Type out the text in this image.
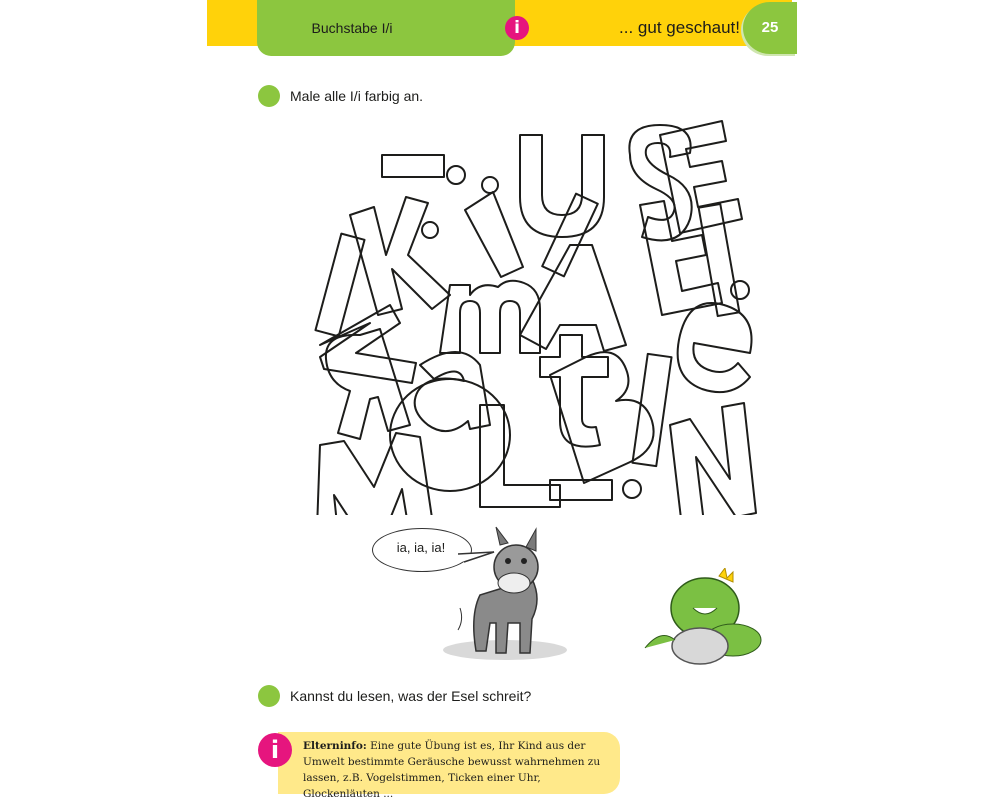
Buchstabe I/i	i	... gut geschaut!	25
Male alle I/i farbig an.
ia, ia, ia!
Kannst du lesen, was der Esel schreit?
i	Elterninfo: Eine gute Übung ist es, Ihr Kind aus der Umwelt bestimmte Geräusche bewusst wahrnehmen zu lassen, z.B. Vogelstimmen, Ticken einer Uhr, Glockenläuten ...
